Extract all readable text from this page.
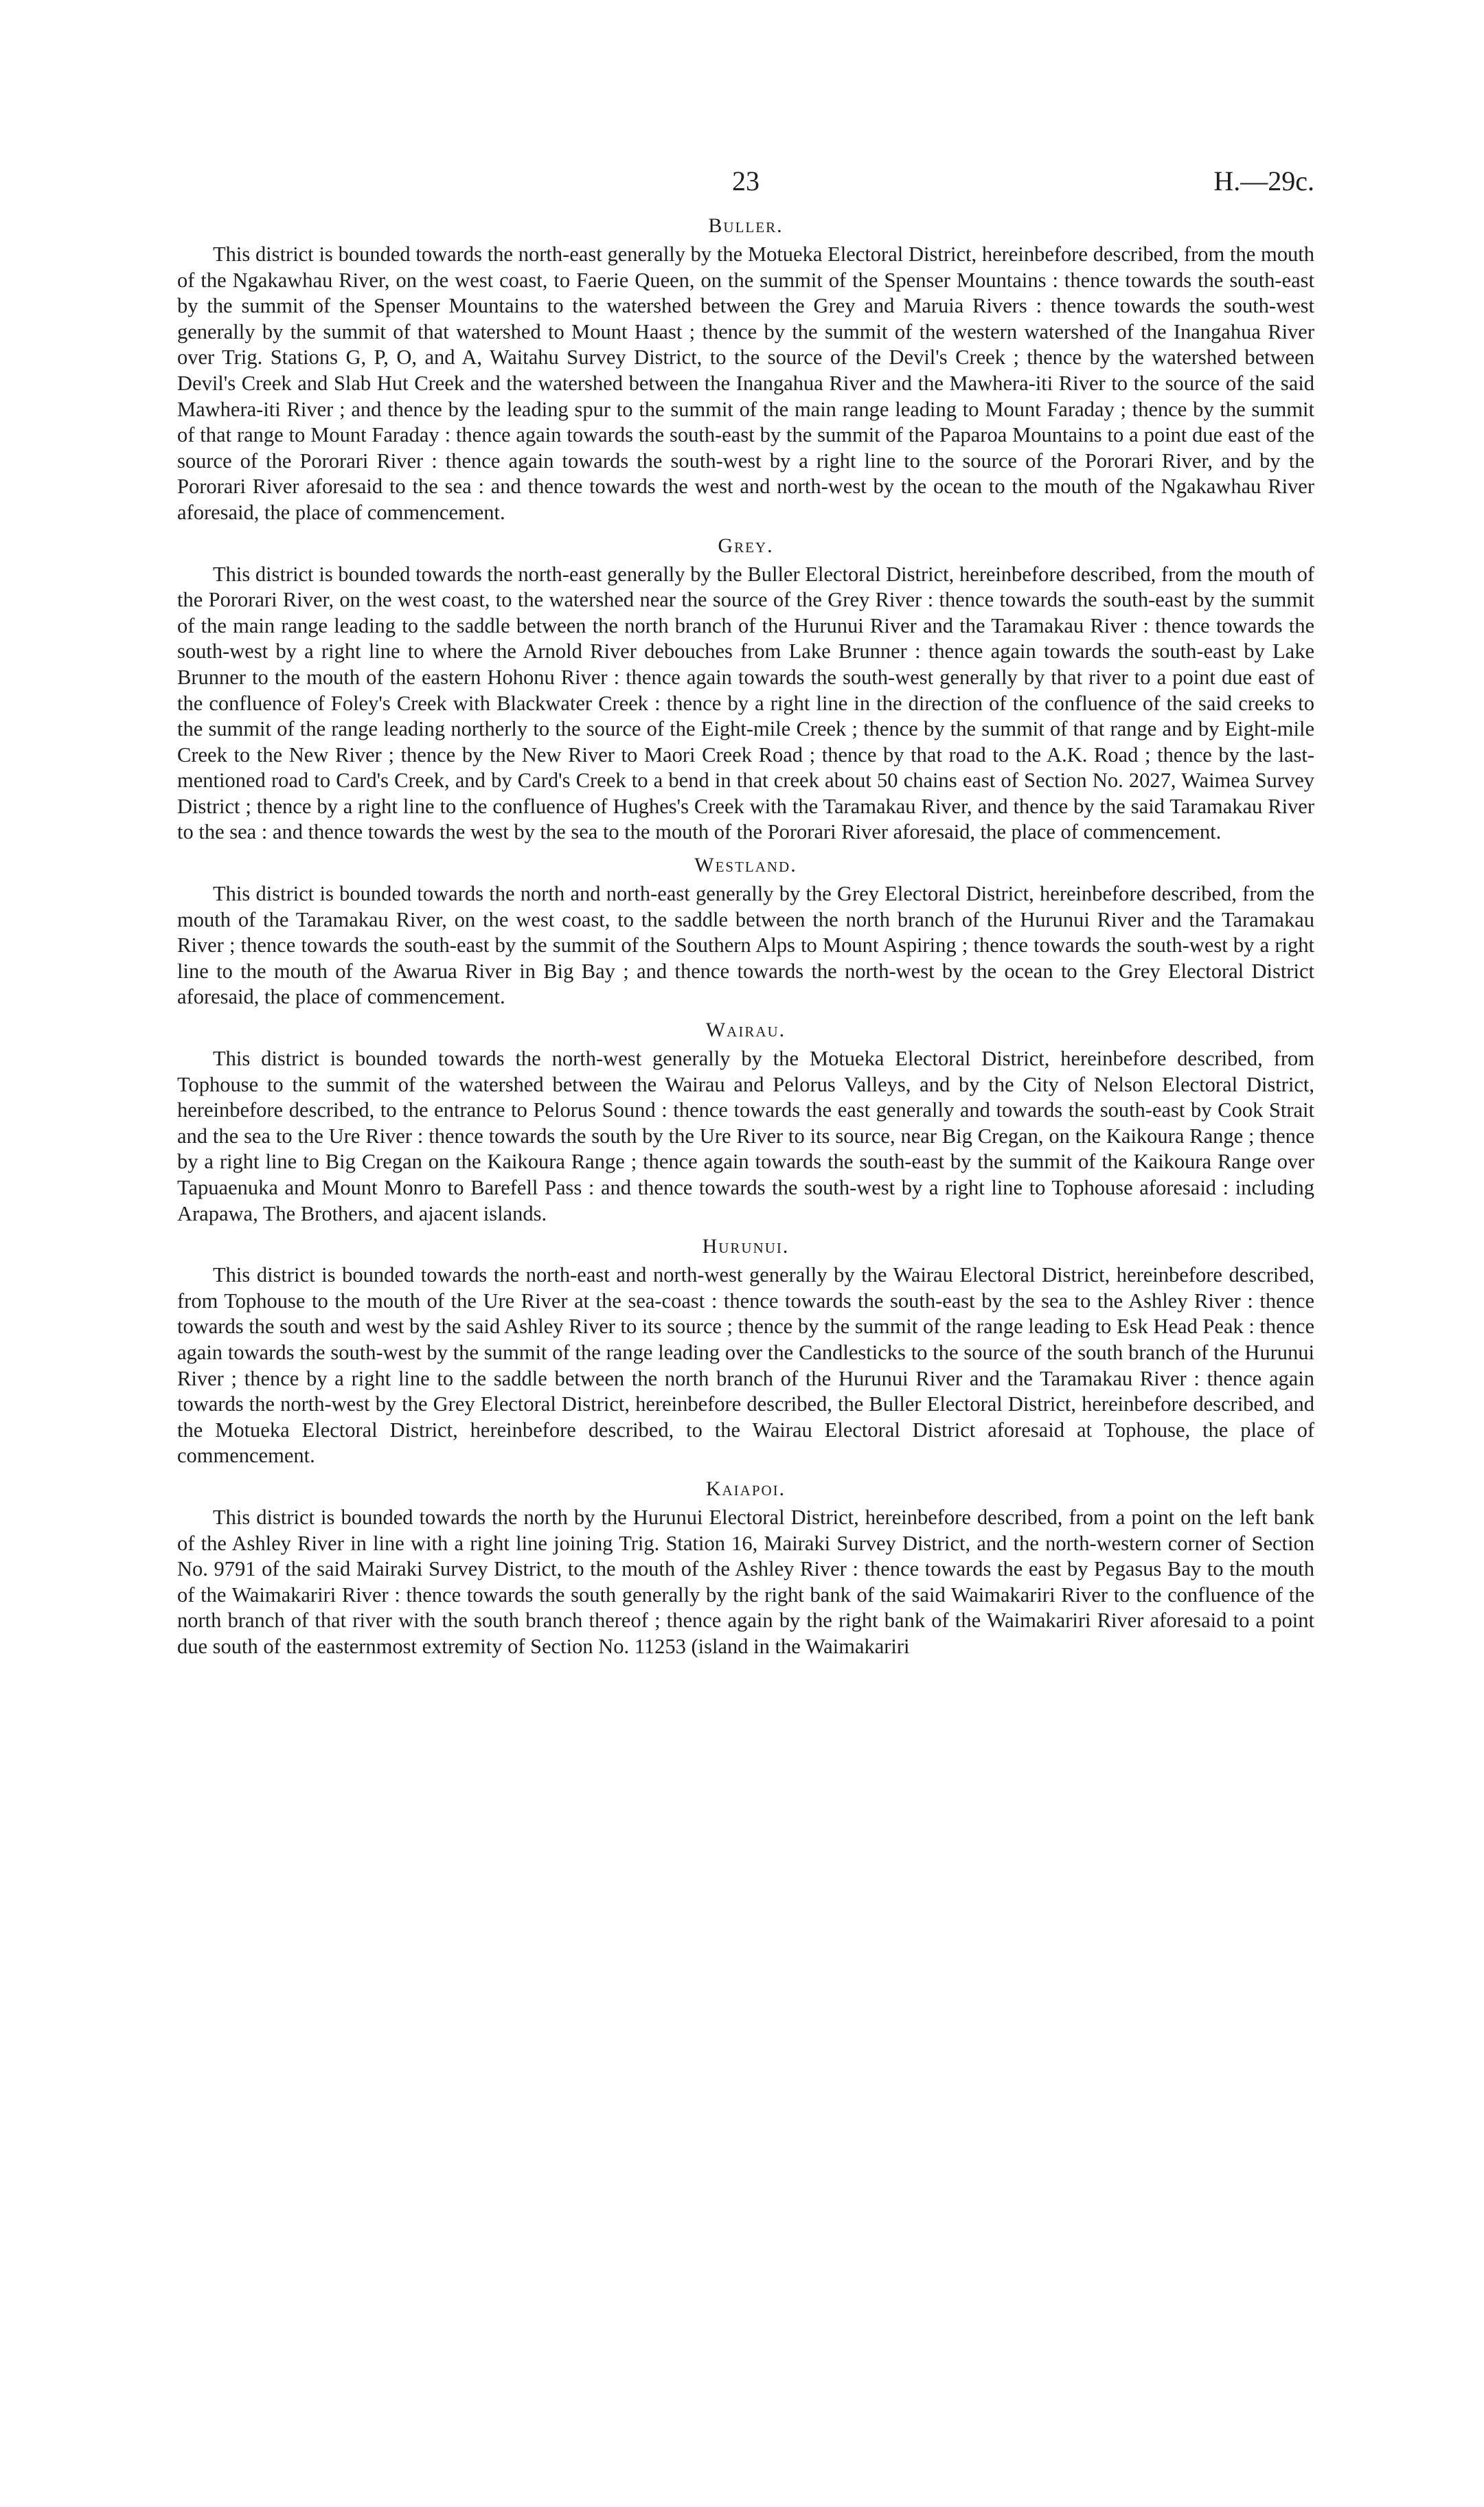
23	H.—29c.
Buller.

This district is bounded towards the north-east generally by the Motueka Electoral District, hereinbefore described, from the mouth of the Ngakawhau River, on the west coast, to Faerie Queen, on the summit of the Spenser Mountains : thence towards the south-east by the summit of the Spenser Mountains to the watershed between the Grey and Maruia Rivers : thence towards the south-west generally by the summit of that watershed to Mount Haast ; thence by the summit of the western watershed of the Inangahua River over Trig. Stations G, P, O, and A, Waitahu Survey District, to the source of the Devil's Creek ; thence by the watershed between Devil's Creek and Slab Hut Creek and the watershed between the Inangahua River and the Mawhera-iti River to the source of the said Mawhera-iti River ; and thence by the leading spur to the summit of the main range leading to Mount Faraday ; thence by the summit of that range to Mount Faraday : thence again towards the south-east by the summit of the Paparoa Mountains to a point due east of the source of the Pororari River : thence again towards the south-west by a right line to the source of the Pororari River, and by the Pororari River aforesaid to the sea : and thence towards the west and north-west by the ocean to the mouth of the Ngakawhau River aforesaid, the place of commencement.

Grey.

This district is bounded towards the north-east generally by the Buller Electoral District, hereinbefore described, from the mouth of the Pororari River, on the west coast, to the watershed near the source of the Grey River : thence towards the south-east by the summit of the main range leading to the saddle between the north branch of the Hurunui River and the Taramakau River : thence towards the south-west by a right line to where the Arnold River debouches from Lake Brunner : thence again towards the south-east by Lake Brunner to the mouth of the eastern Hohonu River : thence again towards the south-west generally by that river to a point due east of the confluence of Foley's Creek with Blackwater Creek : thence by a right line in the direction of the confluence of the said creeks to the summit of the range leading northerly to the source of the Eight-mile Creek ; thence by the summit of that range and by Eight-mile Creek to the New River ; thence by the New River to Maori Creek Road ; thence by that road to the A.K. Road ; thence by the last-mentioned road to Card's Creek, and by Card's Creek to a bend in that creek about 50 chains east of Section No. 2027, Waimea Survey District ; thence by a right line to the confluence of Hughes's Creek with the Taramakau River, and thence by the said Taramakau River to the sea : and thence towards the west by the sea to the mouth of the Pororari River aforesaid, the place of commencement.

Westland.

This district is bounded towards the north and north-east generally by the Grey Electoral District, hereinbefore described, from the mouth of the Taramakau River, on the west coast, to the saddle between the north branch of the Hurunui River and the Taramakau River ; thence towards the south-east by the summit of the Southern Alps to Mount Aspiring ; thence towards the south-west by a right line to the mouth of the Awarua River in Big Bay ; and thence towards the north-west by the ocean to the Grey Electoral District aforesaid, the place of commencement.

Wairau.

This district is bounded towards the north-west generally by the Motueka Electoral District, hereinbefore described, from Tophouse to the summit of the watershed between the Wairau and Pelorus Valleys, and by the City of Nelson Electoral District, hereinbefore described, to the entrance to Pelorus Sound : thence towards the east generally and towards the south-east by Cook Strait and the sea to the Ure River : thence towards the south by the Ure River to its source, near Big Cregan, on the Kaikoura Range ; thence by a right line to Big Cregan on the Kaikoura Range ; thence again towards the south-east by the summit of the Kaikoura Range over Tapuaenuka and Mount Monro to Barefell Pass : and thence towards the south-west by a right line to Tophouse aforesaid : including Arapawa, The Brothers, and ajacent islands.

Hurunui.

This district is bounded towards the north-east and north-west generally by the Wairau Electoral District, hereinbefore described, from Tophouse to the mouth of the Ure River at the sea-coast : thence towards the south-east by the sea to the Ashley River : thence towards the south and west by the said Ashley River to its source ; thence by the summit of the range leading to Esk Head Peak : thence again towards the south-west by the summit of the range leading over the Candlesticks to the source of the south branch of the Hurunui River ; thence by a right line to the saddle between the north branch of the Hurunui River and the Taramakau River : thence again towards the north-west by the Grey Electoral District, hereinbefore described, the Buller Electoral District, hereinbefore described, and the Motueka Electoral District, hereinbefore described, to the Wairau Electoral District aforesaid at Tophouse, the place of commencement.

Kaiapoi.

This district is bounded towards the north by the Hurunui Electoral District, hereinbefore described, from a point on the left bank of the Ashley River in line with a right line joining Trig. Station 16, Mairaki Survey District, and the north-western corner of Section No. 9791 of the said Mairaki Survey District, to the mouth of the Ashley River : thence towards the east by Pegasus Bay to the mouth of the Waimakariri River : thence towards the south generally by the right bank of the said Waimakariri River to the confluence of the north branch of that river with the south branch thereof ; thence again by the right bank of the Waimakariri River aforesaid to a point due south of the easternmost extremity of Section No. 11253 (island in the Waimakariri
